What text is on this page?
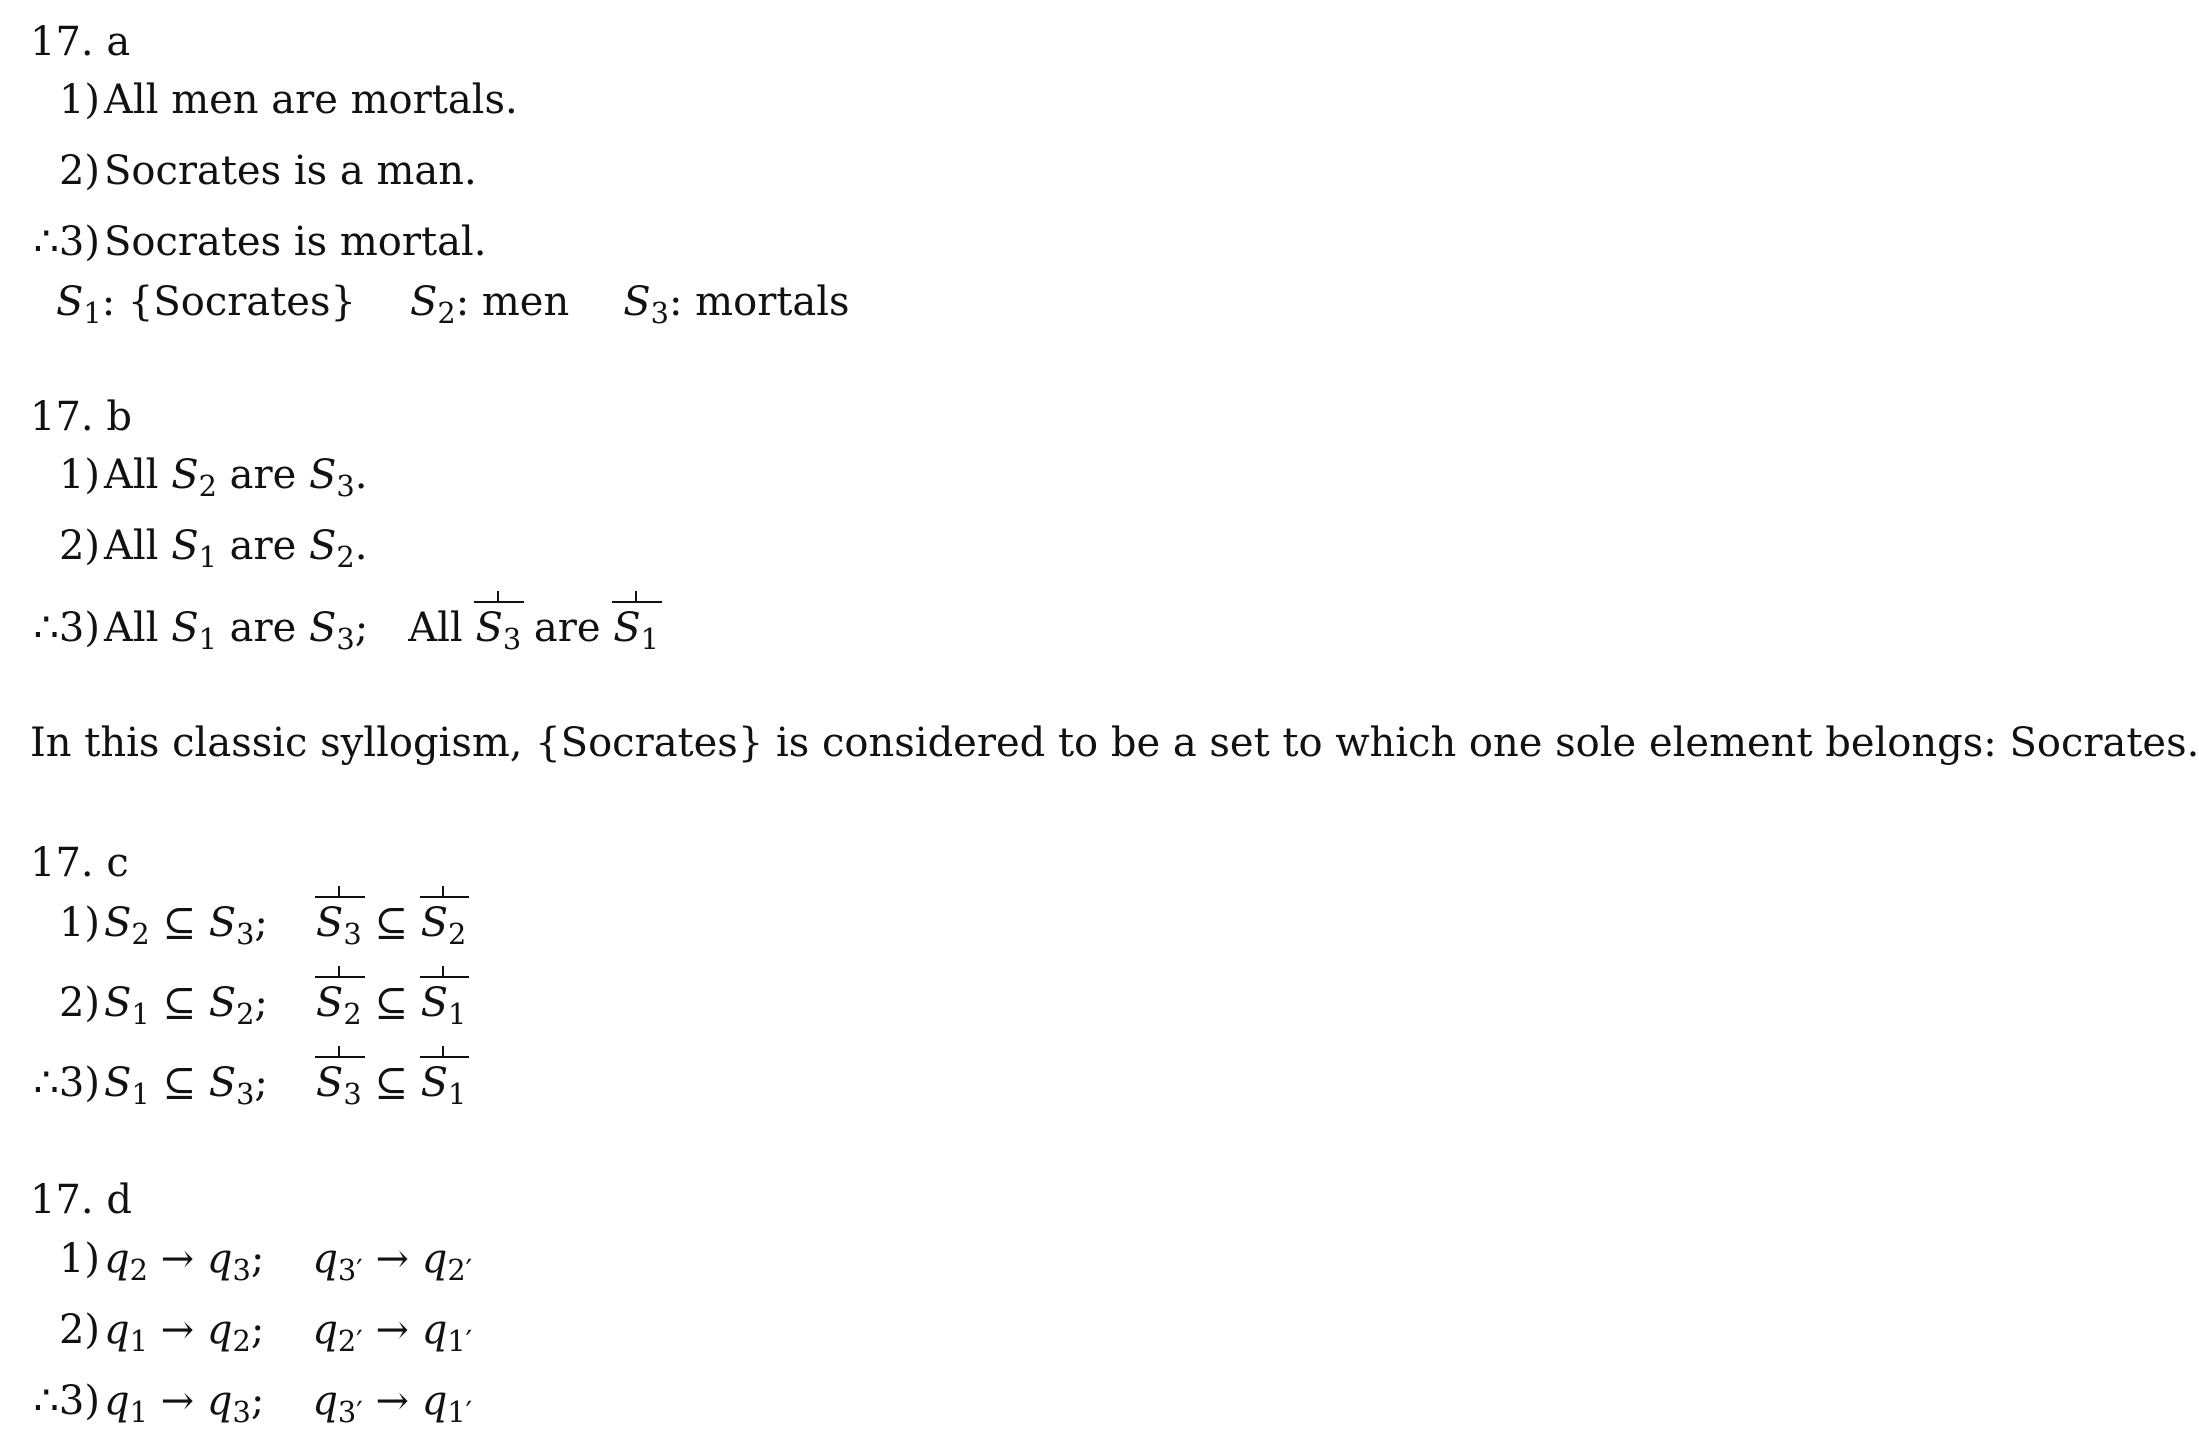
17. a
1) All men are mortals.
2) Socrates is a man.
∴3) Socrates is mortal.
$S_1$: {Socrates} $S_2$: men $S_3$: mortals
17. b
1) All $S_2$ are $S_3$.
2) All $S_1$ are $S_2$.
∴3) All $S_1$ are $S_3$; All $S_3$ are $S_1$
In this classic syllogism, {Socrates} is considered to be a set to which one sole element belongs: Socrates.
17. c
1) $S_2$ ⊆ $S_3$; $S_3$ ⊆ $S_2$
2) $S_1$ ⊆ $S_2$; $S_2$ ⊆ $S_1$
∴3) $S_1$ ⊆ $S_3$; $S_3$ ⊆ $S_1$
17. d
1) $q_2 \to q_3$; $q_{3'} \to q_{2'}$
2) $q_1 \to q_2$; $q_{2'} \to q_{1'}$
∴3) $q_1 \to q_3$; $q_{3'} \to q_{1'}$
